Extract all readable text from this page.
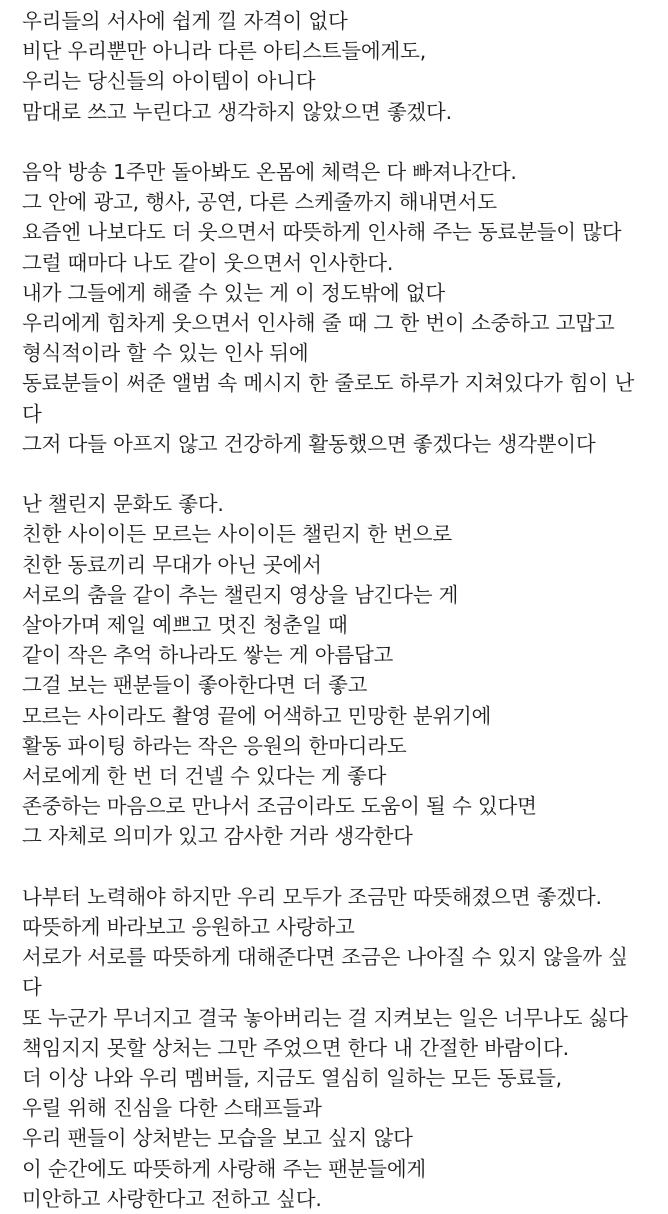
우리들의 서사에 쉽게 낄 자격이 없다
비단 우리뿐만 아니라 다른 아티스트들에게도,
우리는 당신들의 아이템이 아니다
맘대로 쓰고 누린다고 생각하지 않았으면 좋겠다.
음악 방송 1주만 돌아봐도 온몸에 체력은 다 빠져나간다.
그 안에 광고, 행사, 공연, 다른 스케줄까지 해내면서도
요즘엔 나보다도 더 웃으면서 따뜻하게 인사해 주는 동료분들이 많다
그럴 때마다 나도 같이 웃으면서 인사한다.
내가 그들에게 해줄 수 있는 게 이 정도밖에 없다
우리에게 힘차게 웃으면서 인사해 줄 때 그 한 번이 소중하고 고맙고
형식적이라 할 수 있는 인사 뒤에
동료분들이 써준 앨범 속 메시지 한 줄로도 하루가 지쳐있다가 힘이 난
다
그저 다들 아프지 않고 건강하게 활동했으면 좋겠다는 생각뿐이다
난 챌린지 문화도 좋다.
친한 사이이든 모르는 사이이든 챌린지 한 번으로
친한 동료끼리 무대가 아닌 곳에서
서로의 춤을 같이 추는 챌린지 영상을 남긴다는 게
살아가며 제일 예쁘고 멋진 청춘일 때
같이 작은 추억 하나라도 쌓는 게 아름답고
그걸 보는 팬분들이 좋아한다면 더 좋고
모르는 사이라도 촬영 끝에 어색하고 민망한 분위기에
활동 파이팅 하라는 작은 응원의 한마디라도
서로에게 한 번 더 건넬 수 있다는 게 좋다
존중하는 마음으로 만나서 조금이라도 도움이 될 수 있다면
그 자체로 의미가 있고 감사한 거라 생각한다
나부터 노력해야 하지만 우리 모두가 조금만 따뜻해졌으면 좋겠다.
따뜻하게 바라보고 응원하고 사랑하고
서로가 서로를 따뜻하게 대해준다면 조금은 나아질 수 있지 않을까 싶
다
또 누군가 무너지고 결국 놓아버리는 걸 지켜보는 일은 너무나도 싫다
책임지지 못할 상처는 그만 주었으면 한다 내 간절한 바람이다.
더 이상 나와 우리 멤버들, 지금도 열심히 일하는 모든 동료들,
우릴 위해 진심을 다한 스태프들과
우리 팬들이 상처받는 모습을 보고 싶지 않다
이 순간에도 따뜻하게 사랑해 주는 팬분들에게
미안하고 사랑한다고 전하고 싶다.
